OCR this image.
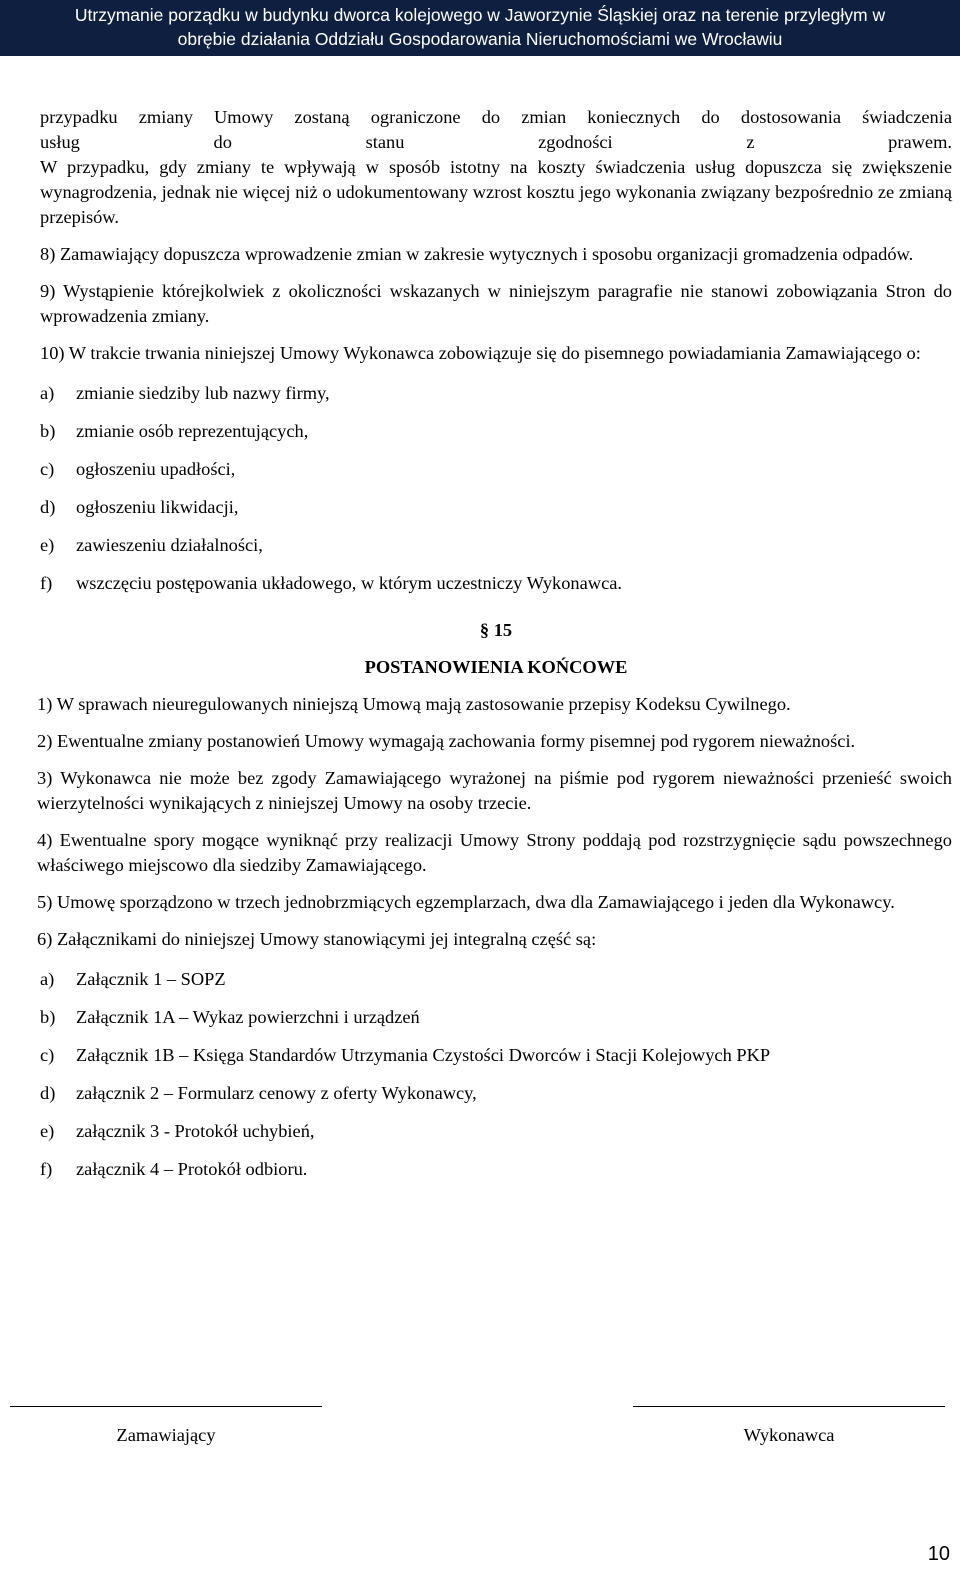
Utrzymanie porządku w budynku dworca kolejowego w Jaworzynie Śląskiej oraz na terenie przyległym w
obrębie działania Oddziału Gospodarowania Nieruchomościami we Wrocławiu
przypadku zmiany Umowy zostaną ograniczone do zmian koniecznych do dostosowania świadczenia
usług do stanu zgodności z prawem.
W przypadku, gdy zmiany te wpływają w sposób istotny na koszty świadczenia usług dopuszcza się zwiększenie wynagrodzenia, jednak nie więcej niż o udokumentowany wzrost kosztu jego wykonania związany bezpośrednio ze zmianą przepisów.
8) Zamawiający dopuszcza wprowadzenie zmian w zakresie wytycznych i sposobu organizacji gromadzenia odpadów.
9) Wystąpienie którejkolwiek z okoliczności wskazanych w niniejszym paragrafie nie stanowi zobowiązania Stron do wprowadzenia zmiany.
10) W trakcie trwania niniejszej Umowy Wykonawca zobowiązuje się do pisemnego powiadamiania Zamawiającego o:
a) zmianie siedziby lub nazwy firmy,
b) zmianie osób reprezentujących,
c) ogłoszeniu upadłości,
d) ogłoszeniu likwidacji,
e) zawieszeniu działalności,
f) wszczęciu postępowania układowego, w którym uczestniczy Wykonawca.
§ 15
POSTANOWIENIA KOŃCOWE
1) W sprawach nieuregulowanych niniejszą Umową mają zastosowanie przepisy Kodeksu Cywilnego.
2) Ewentualne zmiany postanowień Umowy wymagają zachowania formy pisemnej pod rygorem nieważności.
3) Wykonawca nie może bez zgody Zamawiającego wyrażonej na piśmie pod rygorem nieważności przenieść swoich wierzytelności wynikających z niniejszej Umowy na osoby trzecie.
4) Ewentualne spory mogące wyniknąć przy realizacji Umowy Strony poddają pod rozstrzygnięcie sądu powszechnego właściwego miejscowo dla siedziby Zamawiającego.
5) Umowę sporządzono w trzech jednobrzmiących egzemplarzach, dwa dla Zamawiającego i jeden dla Wykonawcy.
6) Załącznikami do niniejszej Umowy stanowiącymi jej integralną część są:
a) Załącznik 1 – SOPZ
b) Załącznik 1A – Wykaz powierzchni i urządzeń
c) Załącznik 1B – Księga Standardów Utrzymania Czystości Dworców i Stacji Kolejowych PKP
d) załącznik 2 – Formularz cenowy z oferty Wykonawcy,
e) załącznik 3 - Protokół uchybień,
f) załącznik 4 – Protokół odbioru.
Zamawiający	Wykonawca
10
